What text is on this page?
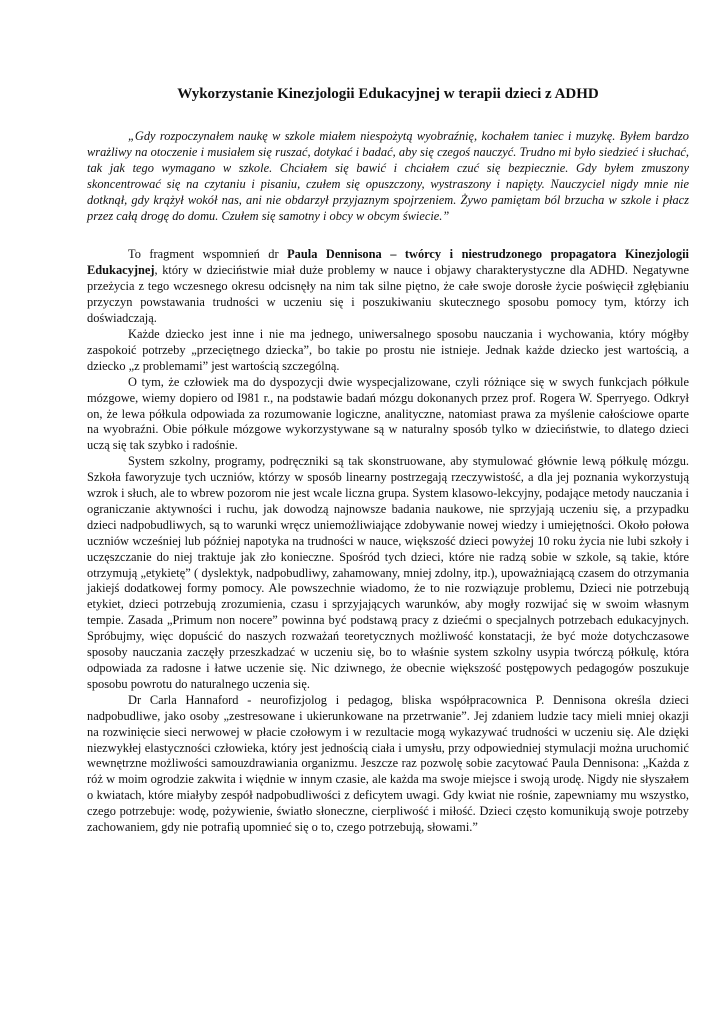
Wykorzystanie Kinezjologii Edukacyjnej w terapii dzieci z ADHD
„Gdy rozpoczynałem naukę w szkole miałem niespożytą wyobraźnię, kochałem taniec i muzykę. Byłem bardzo wrażliwy na otoczenie i musiałem się ruszać, dotykać i badać, aby się czegoś nauczyć. Trudno mi było siedzieć i słuchać, tak jak tego wymagano w szkole. Chciałem się bawić i chciałem czuć się bezpiecznie. Gdy byłem zmuszony skoncentrować się na czytaniu i pisaniu, czułem się opuszczony, wystraszony i napięty. Nauczyciel nigdy mnie nie dotknął, gdy krążył wokół nas, ani nie obdarzył przyjaznym spojrzeniem. Żywo pamiętam ból brzucha w szkole i płacz przez całą drogę do domu. Czułem się samotny i obcy w obcym świecie.”

To fragment wspomnień dr Paula Dennisona – twórcy i niestrudzonego propagatora Kinezjologii Edukacyjnej, który w dzieciństwie miał duże problemy w nauce i objawy charakterystyczne dla ADHD. Negatywne przeżycia z tego wczesnego okresu odcisnęły na nim tak silne piętno, że całe swoje dorosłe życie poświęcił zgłębianiu przyczyn powstawania trudności w uczeniu się i poszukiwaniu skutecznego sposobu pomocy tym, którzy ich doświadczają.

Każde dziecko jest inne i nie ma jednego, uniwersalnego sposobu nauczania i wychowania, który mógłby zaspokoić potrzeby „przeciętnego dziecka”, bo takie po prostu nie istnieje. Jednak każde dziecko jest wartością, a dziecko „z problemami” jest wartością szczególną.

O tym, że człowiek ma do dyspozycji dwie wyspecjalizowane, czyli różniące się w swych funkcjach półkule mózgowe, wiemy dopiero od I981 r., na podstawie badań mózgu dokonanych przez prof. Rogera W. Sperryego. Odkrył on, że lewa półkula odpowiada za rozumowanie logiczne, analityczne, natomiast prawa za myślenie całościowe oparte na wyobraźni. Obie półkule mózgowe wykorzystywane są w naturalny sposób tylko w dzieciństwie, to dlatego dzieci uczą się tak szybko i radośnie.

System szkolny, programy, podręczniki są tak skonstruowane, aby stymulować głównie lewą półkulę mózgu. Szkoła faworyzuje tych uczniów, którzy w sposób linearny postrzegają rzeczywistość, a dla jej poznania wykorzystują wzrok i słuch, ale to wbrew pozorom nie jest wcale liczna grupa. System klasowo-lekcyjny, podające metody nauczania i ograniczanie aktywności i ruchu, jak dowodzą najnowsze badania naukowe, nie sprzyjają uczeniu się, a przypadku dzieci nadpobudliwych, są to warunki wręcz uniemożliwiające zdobywanie nowej wiedzy i umiejętności. Około połowa uczniów wcześniej lub później napotyka na trudności w nauce, większość dzieci powyżej 10 roku życia nie lubi szkoły i uczęszczanie do niej traktuje jak zło konieczne. Spośród tych dzieci, które nie radzą sobie w szkole, są takie, które otrzymują „etykietę” ( dyslektyk, nadpobudliwy, zahamowany, mniej zdolny, itp.), upoważniającą czasem do otrzymania jakiejś dodatkowej formy pomocy. Ale powszechnie wiadomo, że to nie rozwiązuje problemu, Dzieci nie potrzebują etykiet, dzieci potrzebują zrozumienia, czasu i sprzyjających warunków, aby mogły rozwijać się w swoim własnym tempie. Zasada „Primum non nocere” powinna być podstawą pracy z dziećmi o specjalnych potrzebach edukacyjnych. Spróbujmy, więc dopuścić do naszych rozważań teoretycznych możliwość konstatacji, że być może dotychczasowe sposoby nauczania zaczęły przeszkadzać w uczeniu się, bo to właśnie system szkolny usypia twórczą półkulę, która odpowiada za radosne i łatwe uczenie się. Nic dziwnego, że obecnie większość postępowych pedagogów poszukuje sposobu powrotu do naturalnego uczenia się.

Dr Carla Hannaford - neurofizjolog i pedagog, bliska współpracownica P. Dennisona określa dzieci nadpobudliwe, jako osoby „zestresowane i ukierunkowane na przetrwanie”. Jej zdaniem ludzie tacy mieli mniej okazji na rozwinięcie sieci nerwowej w płacie czołowym i w rezultacie mogą wykazywać trudności w uczeniu się. Ale dzięki niezwykłej elastyczności człowieka, który jest jednością ciała i umysłu, przy odpowiedniej stymulacji można uruchomić wewnętrzne możliwości samouzdrawiania organizmu. Jeszcze raz pozwolę sobie zacytować Paula Dennisona: „Każda z róż w moim ogrodzie zakwita i więdnie w innym czasie, ale każda ma swoje miejsce i swoją urodę. Nigdy nie słyszałem o kwiatach, które miałyby zespół nadpobudliwości z deficytem uwagi. Gdy kwiat nie rośnie, zapewniamy mu wszystko, czego potrzebuje: wodę, pożywienie, światło słoneczne, cierpliwość i miłość. Dzieci często komunikują swoje potrzeby zachowaniem, gdy nie potrafią upomnieć się o to, czego potrzebują, słowami.”
